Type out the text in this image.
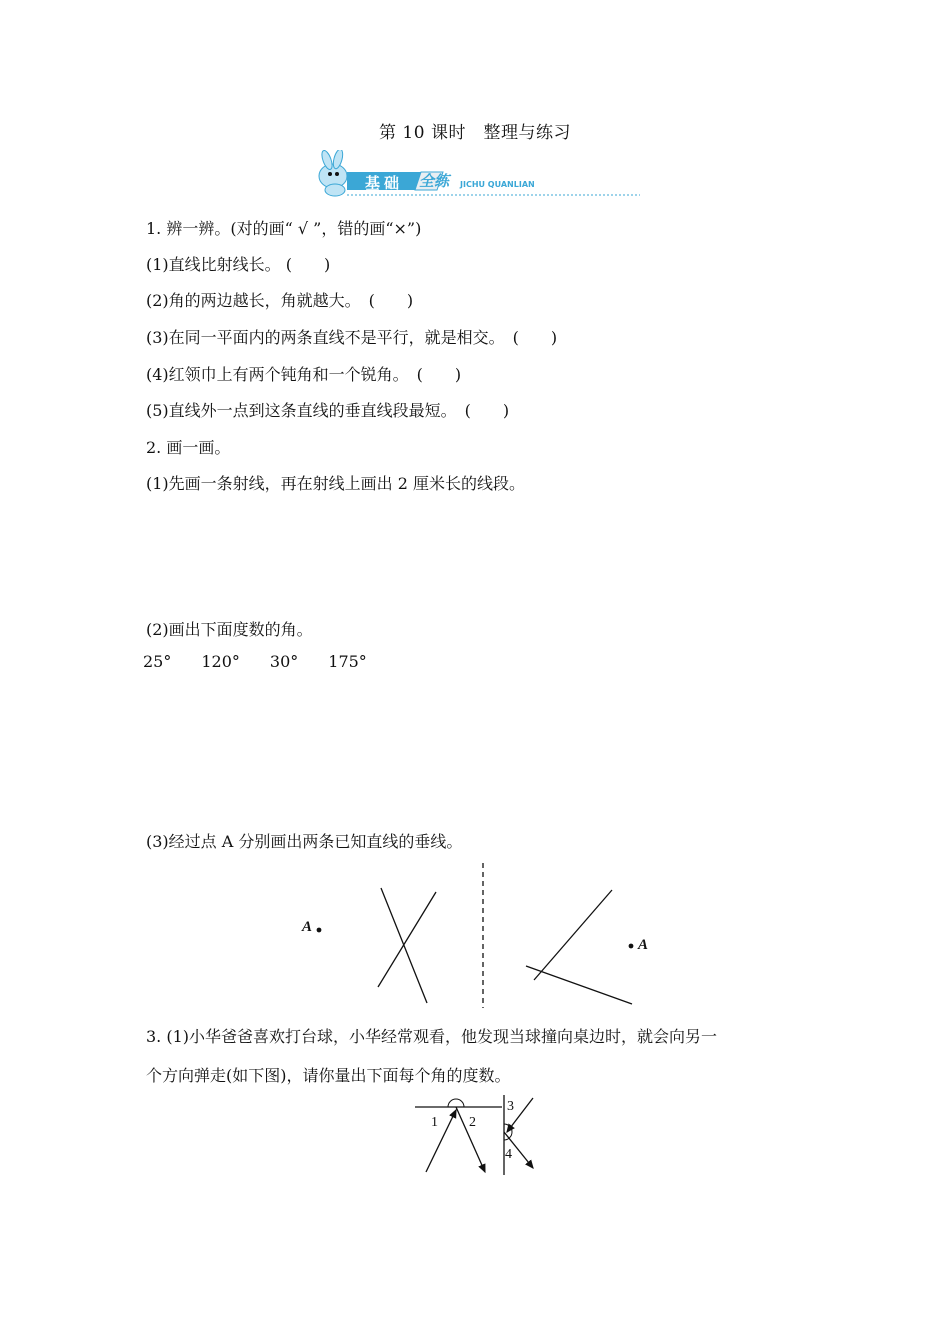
第 10 课时　整理与练习
基础 全练 JICHU QUANLIAN
1. 辨一辨。(对的画“ √ ”，错的画“×”)
(1)直线比射线长。 (　　)
(2)角的两边越长，角就越大。　(　　)
(3)在同一平面内的两条直线不是平行，就是相交。　(　　)
(4)红领巾上有两个钝角和一个锐角。　(　　)
(5)直线外一点到这条直线的垂直线段最短。　(　　)
2. 画一画。
(1)先画一条射线，再在射线上画出 2 厘米长的线段。
(2)画出下面度数的角。
25° 120° 30° 175°
(3)经过点 A 分别画出两条已知直线的垂线。
A
A
3. (1)小华爸爸喜欢打台球，小华经常观看，他发现当球撞向桌边时，就会向另一
个方向弹走(如下图)，请你量出下面每个角的度数。
1 2
3
4
